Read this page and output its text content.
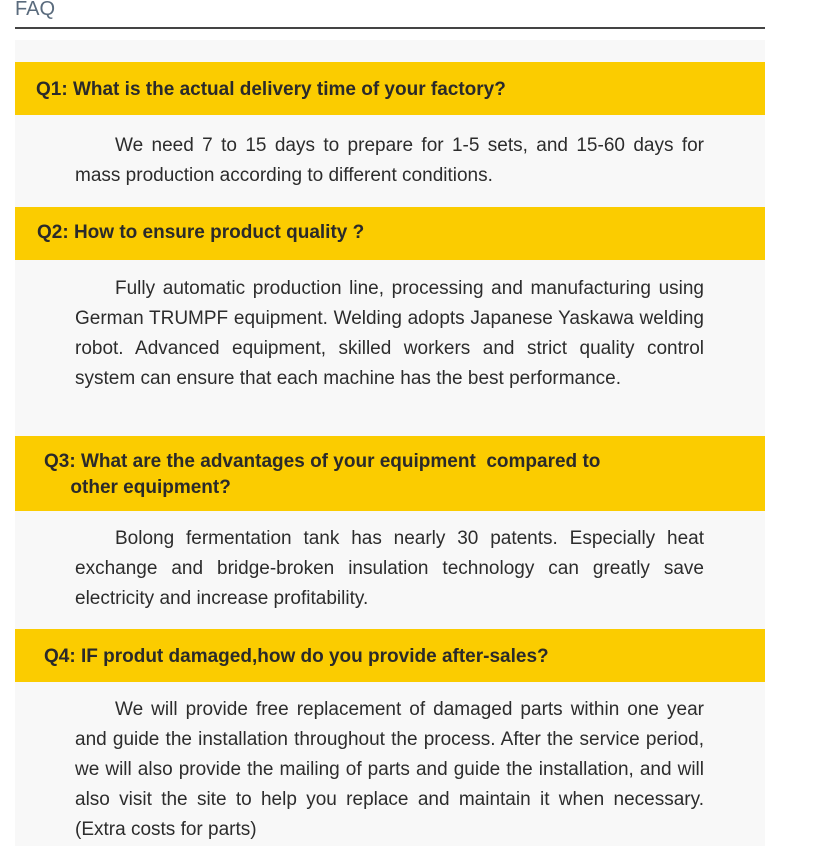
FAQ
Q1: What is the actual delivery time of your factory?
We need 7 to 15 days to prepare for 1-5 sets, and 15-60 days for mass production according to different conditions.
Q2: How to ensure product quality ?
Fully automatic production line, processing and manufacturing using German TRUMPF equipment. Welding adopts Japanese Yaskawa welding robot. Advanced equipment, skilled workers and strict quality control system can ensure that each machine has the best performance.
Q3: What are the advantages of your equipment  compared to
other equipment?
Bolong fermentation tank has nearly 30 patents. Especially heat exchange and bridge-broken insulation technology can greatly save electricity and increase profitability.
Q4: IF produt damaged,how do you provide after-sales?
We will provide free replacement of damaged parts within one year and guide the installation throughout the process. After the service period, we will also provide the mailing of parts and guide the installation, and will also visit the site to help you replace and maintain it when necessary. (Extra costs for parts)
